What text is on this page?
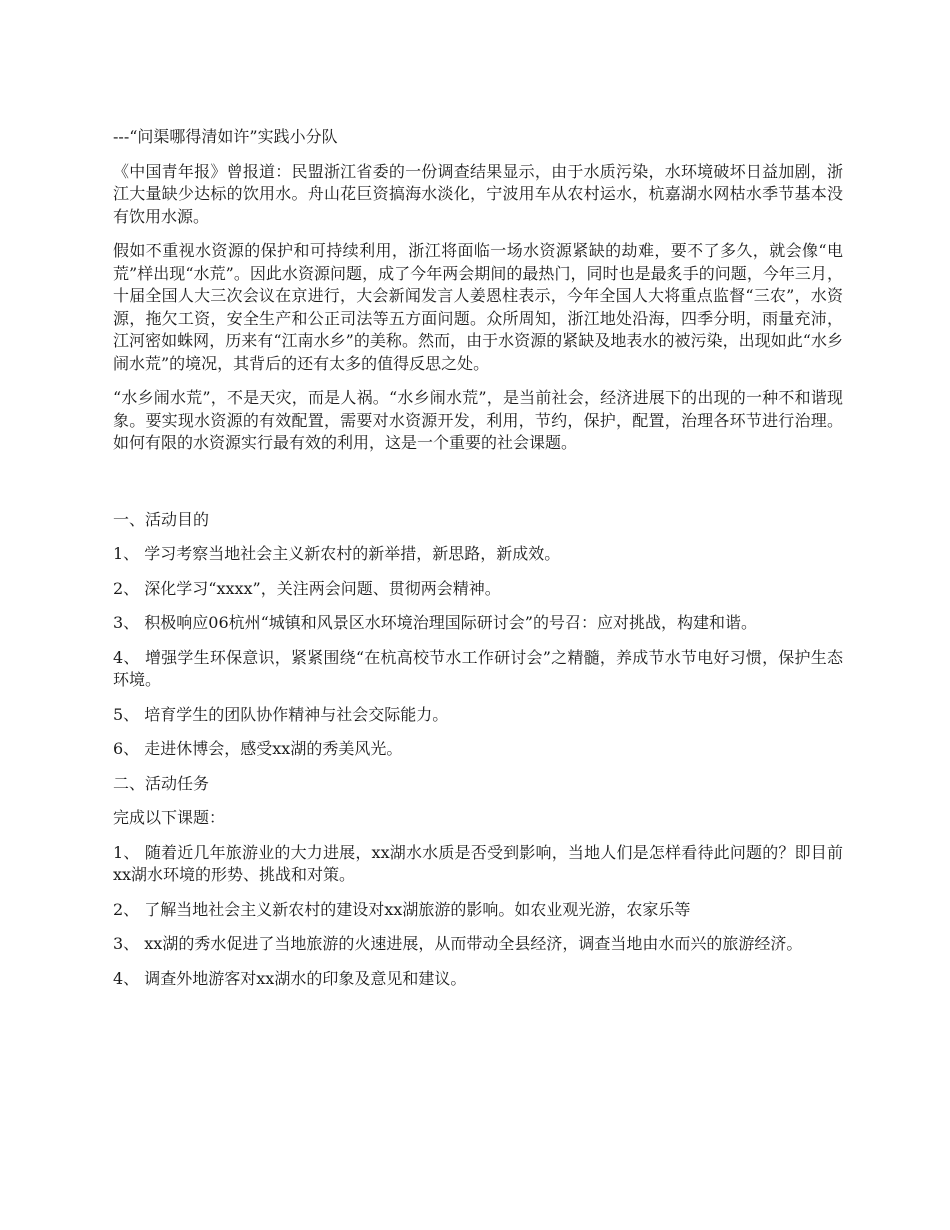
---“问渠哪得清如许”实践小分队

《中国青年报》曾报道：民盟浙江省委的一份调查结果显示，由于水质污染，水环境破坏日益加剧，浙江大量缺少达标的饮用水。舟山花巨资搞海水淡化，宁波用车从农村运水，杭嘉湖水网枯水季节基本没有饮用水源。

假如不重视水资源的保护和可持续利用，浙江将面临一场水资源紧缺的劫难，要不了多久，就会像“电荒”样出现“水荒”。因此水资源问题，成了今年两会期间的最热门，同时也是最炙手的问题，今年三月，十届全国人大三次会议在京进行，大会新闻发言人姜恩柱表示，今年全国人大将重点监督“三农”，水资源，拖欠工资，安全生产和公正司法等五方面问题。众所周知，浙江地处沿海，四季分明，雨量充沛，江河密如蛛网，历来有“江南水乡”的美称。然而，由于水资源的紧缺及地表水的被污染，出现如此“水乡闹水荒”的境况，其背后的还有太多的值得反思之处。

“水乡闹水荒”，不是天灾，而是人祸。“水乡闹水荒”，是当前社会，经济进展下的出现的一种不和谐现象。要实现水资源的有效配置，需要对水资源开发，利用，节约，保护，配置，治理各环节进行治理。如何有限的水资源实行最有效的利用，这是一个重要的社会课题。

一、活动目的

1、 学习考察当地社会主义新农村的新举措，新思路，新成效。

2、 深化学习“xxxx”，关注两会问题、贯彻两会精神。

3、 积极响应06杭州“城镇和风景区水环境治理国际研讨会”的号召：应对挑战，构建和谐。

4、 增强学生环保意识，紧紧围绕“在杭高校节水工作研讨会”之精髓，养成节水节电好习惯，保护生态环境。

5、 培育学生的团队协作精神与社会交际能力。

6、 走进休博会，感受xx湖的秀美风光。

二、活动任务

完成以下课题：

1、 随着近几年旅游业的大力进展，xx湖水水质是否受到影响，当地人们是怎样看待此问题的？即目前xx湖水环境的形势、挑战和对策。

2、 了解当地社会主义新农村的建设对xx湖旅游的影响。如农业观光游，农家乐等

3、 xx湖的秀水促进了当地旅游的火速进展，从而带动全县经济，调查当地由水而兴的旅游经济。

4、 调查外地游客对xx湖水的印象及意见和建议。
